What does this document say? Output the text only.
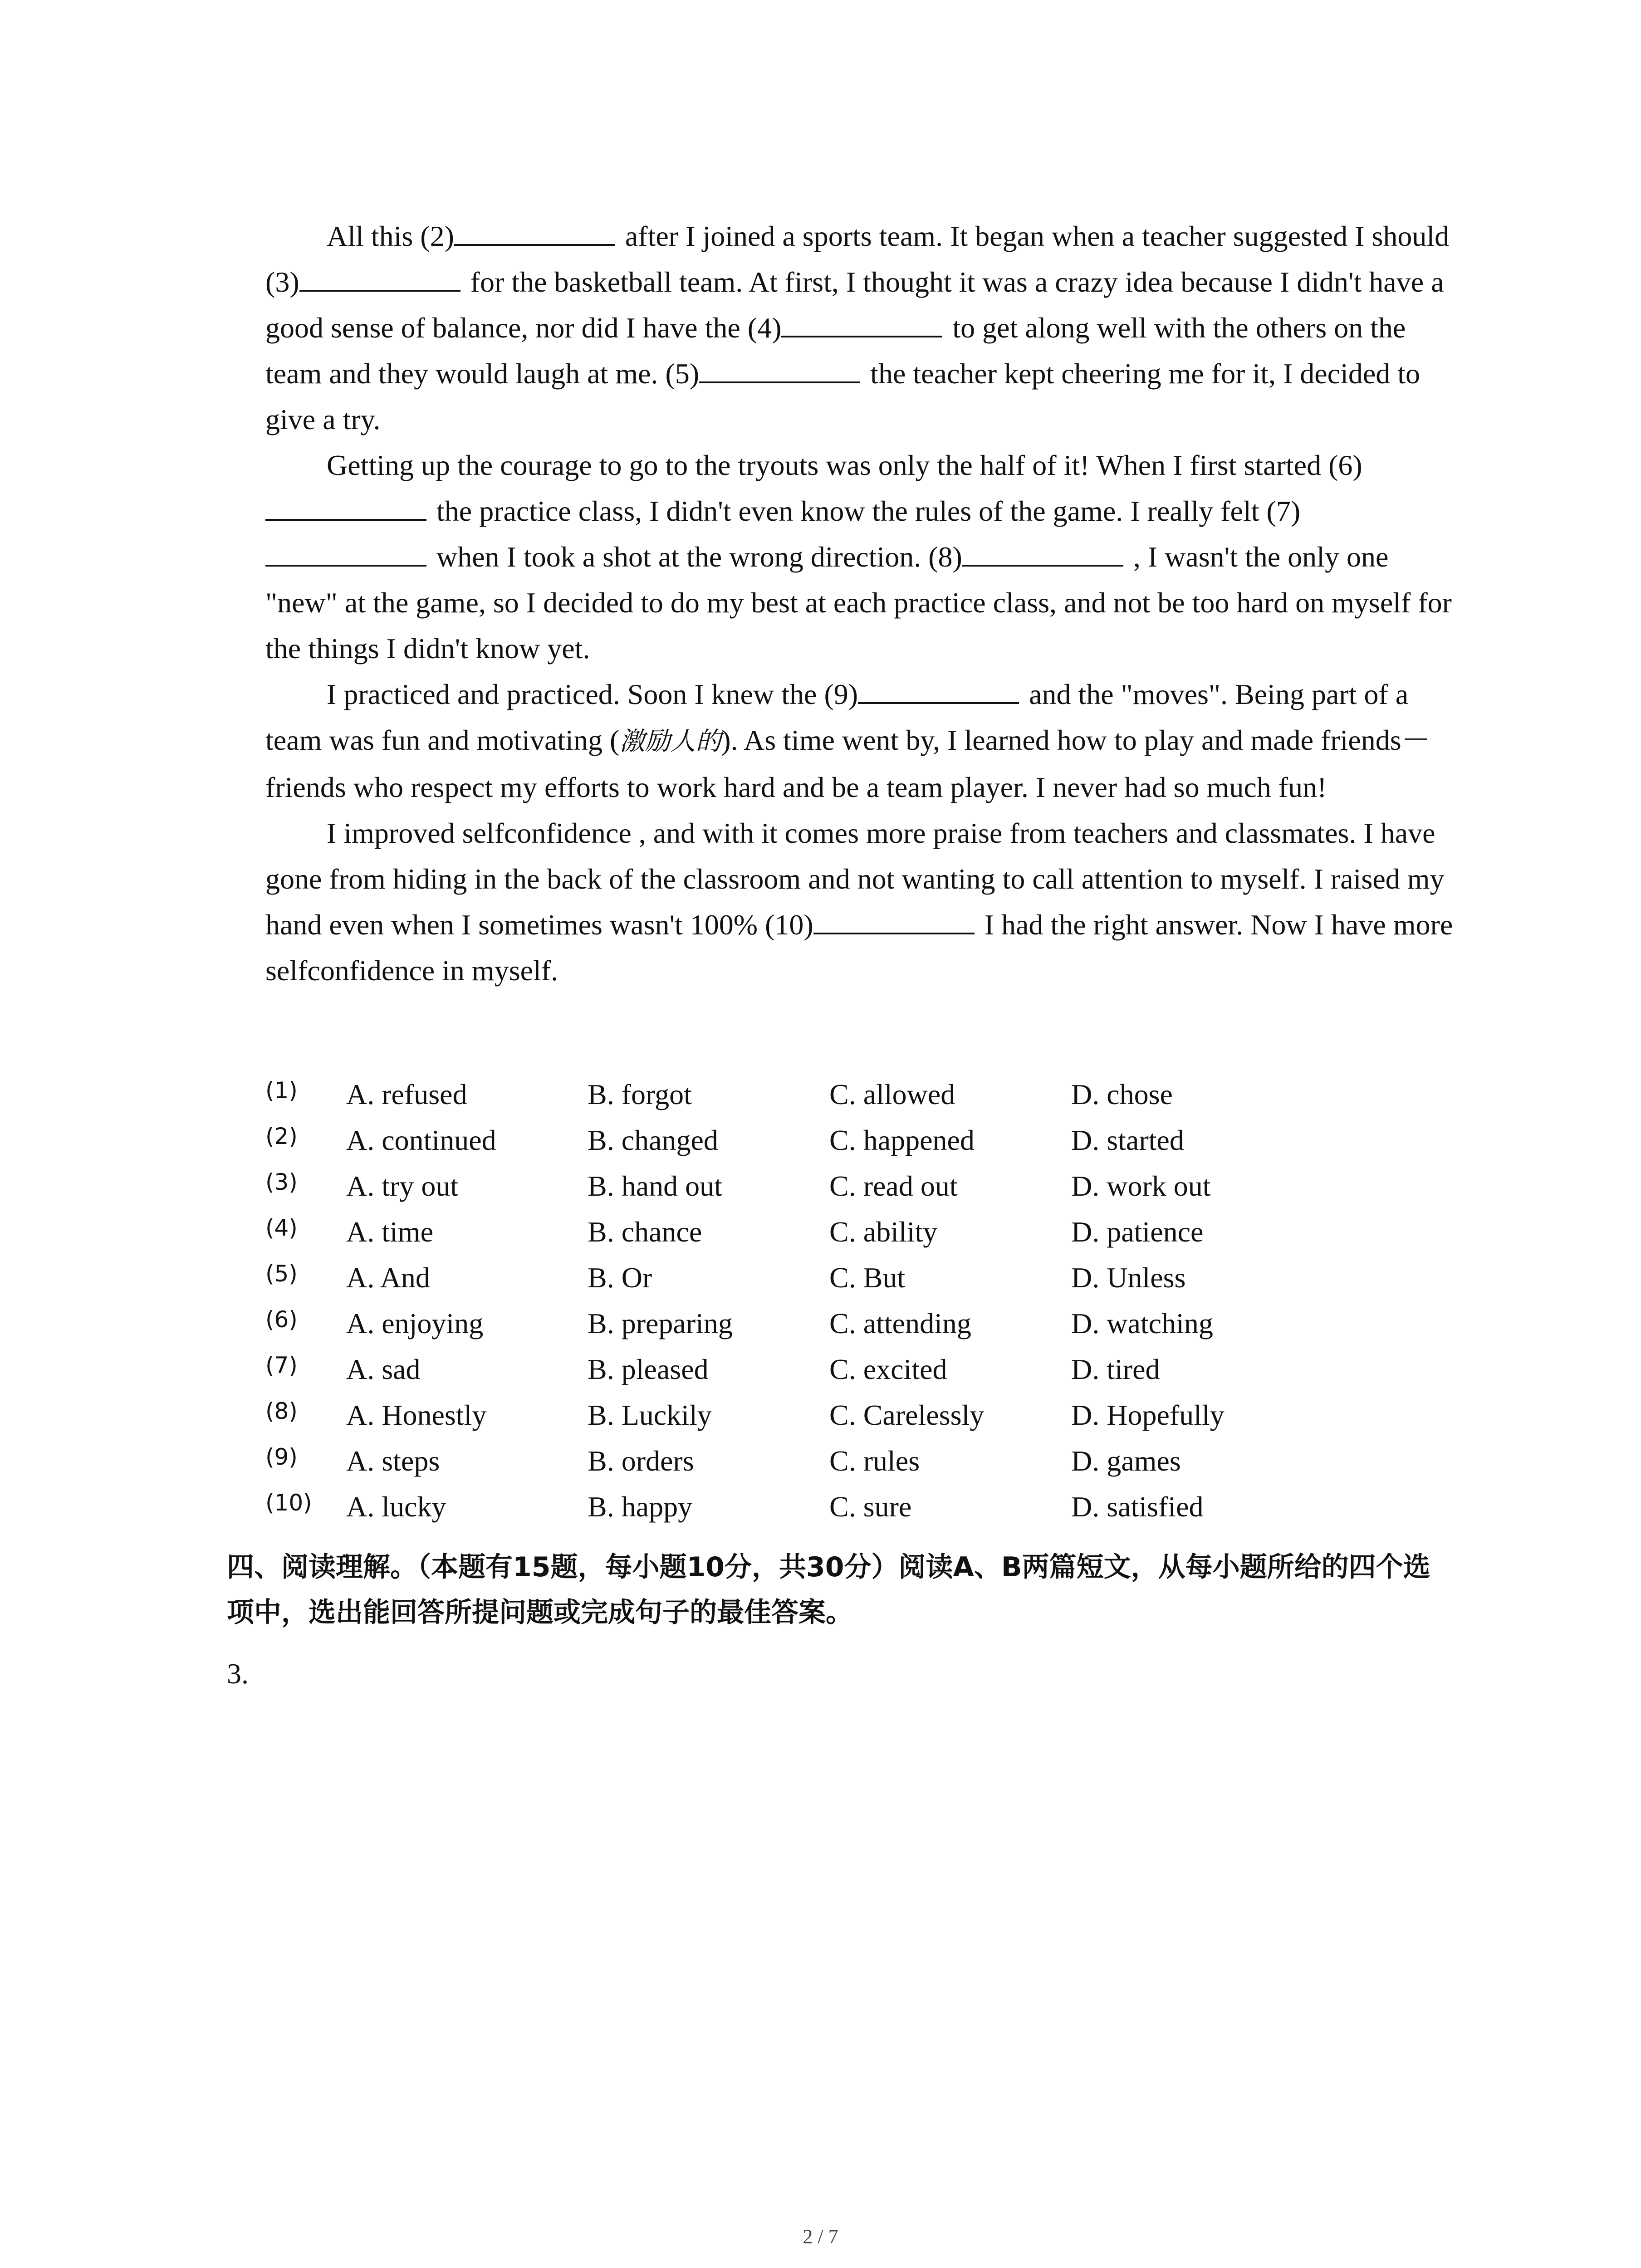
All this (2)	after I joined a sports team. It began when a teacher suggested I should (3)	for the basketball team. At first, I thought it was a crazy idea because I didn't have a good sense of balance, nor did I have the (4)	to get along well with the others on the team and they would laugh at me. (5)	the teacher kept cheering me for it, I decided to give a try.

Getting up the courage to go to the tryouts was only the half of it! When I first started (6)the practice class, I didn't even know the rules of the game. I really felt (7)when I took a shot at the wrong direction. (8)	, I wasn't the only one "new" at the game, so I decided to do my best at each practice class, and not be too hard on myself for the things I didn't know yet.

I practiced and practiced. Soon I knew the (9)	and the "moves". Being part of a team was fun and motivating (激励人的). As time went by, I learned how to play and made friends－friends who respect my efforts to work hard and be a team player. I never had so much fun!

I improved selfconfidence , and with it comes more praise from teachers and classmates. I have gone from hiding in the back of the classroom and not wanting to call attention to myself. I raised my hand even when I sometimes wasn't 100% (10)	I had the right answer. Now I have more selfconfidence in myself.

(1) A. refused	B. forgot	C. allowed	D. chose
(2) A. continued	B. changed	C. happened	D. started
(3) A. try out	B. hand out	C. read out	D. work out
(4) A. time	B. chance	C. ability	D. patience
(5) A. And	B. Or	C. But	D. Unless
(6) A. enjoying	B. preparing	C. attending	D. watching
(7) A. sad	B. pleased	C. excited	D. tired
(8) A. Honestly	B. Luckily	C. Carelessly	D. Hopefully
(9) A. steps	B. orders	C. rules	D. games
(10) A. lucky	B. happy	C. sure	D. satisfied
四、阅读理解。（本题有15题，每小题10分，共30分）阅读A、B两篇短文，从每小题所给的四个选项中，选出能回答所提问题或完成句子的最佳答案。
3.
2 / 7
